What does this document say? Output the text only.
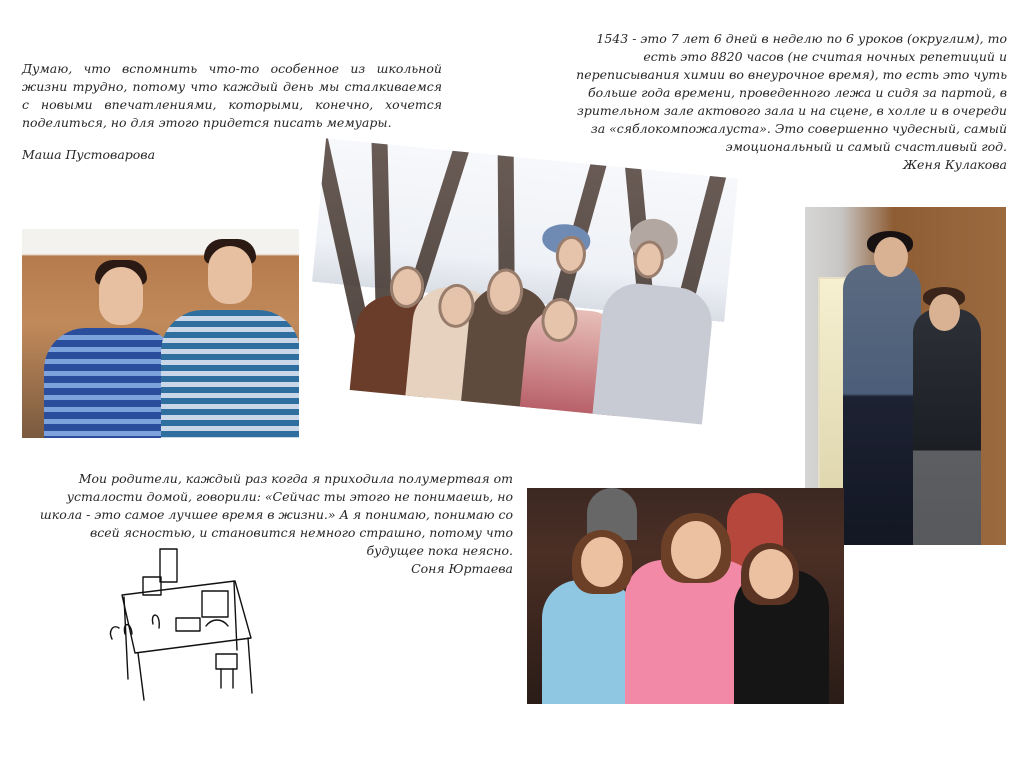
Думаю, что вспомнить что-то особенное из школьной жизни трудно, потому что каждый день мы сталкиваемся с новыми впечатлениями, которыми, конечно, хочется поделиться, но для этого придется писать мемуары.
Маша Пустоварова
1543 - это 7 лет 6 дней в неделю по 6 уроков (округлим), то есть это 8820 часов (не считая ночных репетиций и переписывания химии во внеурочное время), то есть это чуть больше года времени, проведенного лежа и сидя за партой, в зрительном зале актового зала и на сцене, в холле и в очереди за «сяблокомпожалуста». Это совершенно чудесный, самый эмоциональный и самый счастливый год.
Женя Кулакова
Мои родители, каждый раз когда я приходила полумертвая от усталости домой, говорили: «Сейчас ты этого не понимаешь, но школа - это самое лучшее время в жизни.» А я понимаю, понимаю со всей ясностью, и становится немного страшно, потому что будущее пока неясно.
Соня Юртаева
